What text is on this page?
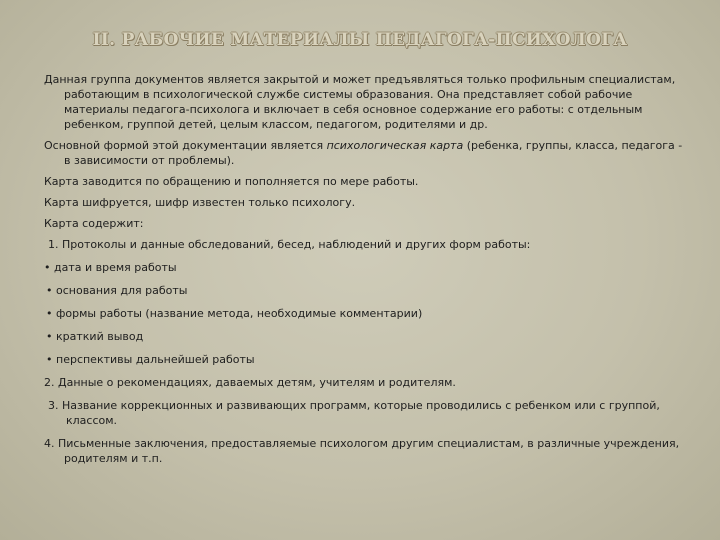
II. РАБОЧИЕ МАТЕРИАЛЫ ПЕДАГОГА-ПСИХОЛОГА
Данная группа документов является закрытой и может предъявляться только профильным специалистам, работающим в психологической службе системы образования. Она представляет собой рабочие материалы педагога-психолога и включает в себя основное содержание его работы: с отдельным ребенком, группой детей, целым классом, педагогом, родителями и др.
Основной формой этой документации является психологическая карта (ребенка, группы, класса, педагога - в зависимости от проблемы).
Карта заводится по обращению и пополняется по мере работы.
Карта шифруется, шифр известен только психологу.
Карта содержит:
1. Протоколы и данные обследований, бесед, наблюдений и других форм работы:
• дата и время работы
• основания для работы
• формы работы (название метода, необходимые комментарии)
• краткий вывод
• перспективы дальнейшей работы
2. Данные о рекомендациях, даваемых детям, учителям и родителям.
3. Название коррекционных и развивающих программ, которые проводились с ребенком или с группой, классом.
4. Письменные заключения, предоставляемые психологом другим специалистам, в различные учреждения, родителям и т.п.
